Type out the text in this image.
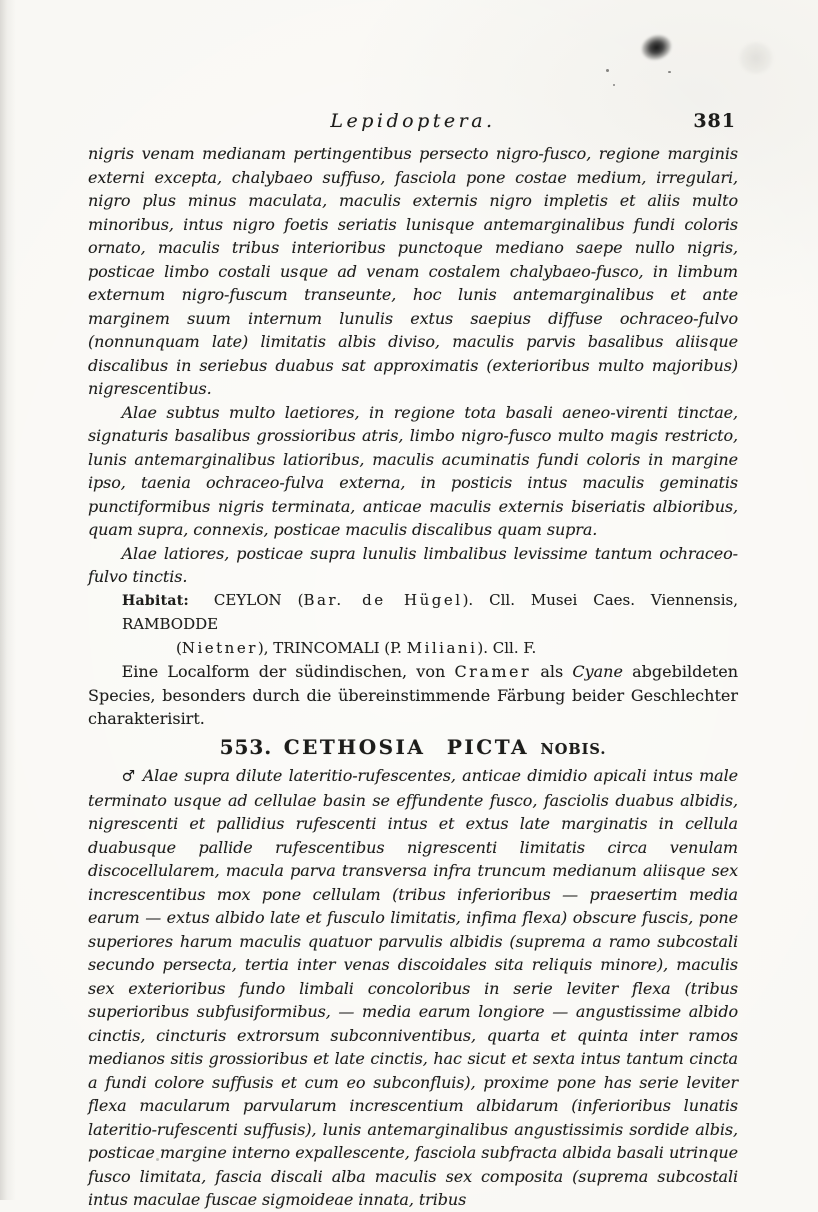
Lepidoptera.	381

nigris venam medianam pertingentibus persecto nigro-fusco, regione marginis externi excepta, chalybaeo suffuso, fasciola pone costae medium, irregulari, nigro plus minus maculata, maculis externis nigro impletis et aliis multo minoribus, intus nigro foetis seriatis lunisque antemarginalibus fundi coloris ornato, maculis tribus interioribus punctoque mediano saepe nullo nigris, posticae limbo costali usque ad venam costalem chalybaeo-fusco, in limbum externum nigro-fuscum transeunte, hoc lunis antemarginalibus et ante marginem suum internum lunulis extus saepius diffuse ochraceo-fulvo (nonnunquam late) limitatis albis diviso, maculis parvis basalibus aliisque discalibus in seriebus duabus sat approximatis (exterioribus multo majoribus) nigrescentibus.

Alae subtus multo laetiores, in regione tota basali aeneo-virenti tinctae, signaturis basalibus grossioribus atris, limbo nigro-fusco multo magis restricto, lunis antemarginalibus latioribus, maculis acuminatis fundi coloris in margine ipso, taenia ochraceo-fulva externa, in posticis intus maculis geminatis punctiformibus nigris terminata, anticae maculis externis biseriatis albioribus, quam supra, connexis, posticae maculis discalibus quam supra.

Alae latiores, posticae supra lunulis limbalibus levissime tantum ochraceo-fulvo tinctis.

Habitat: CEYLON (Bar. de Hügel). Cll. Musei Caes. Viennensis, RAMBODDE
(Nietner), TRINCOMALI (P. Miliani). Cll. F.

Eine Localform der südindischen, von Cramer als Cyane abgebildeten Species, besonders durch die übereinstimmende Färbung beider Geschlechter charakterisirt.

553. CETHOSIA PICTA NOBIS.

♂ Alae supra dilute lateritio-rufescentes, anticae dimidio apicali intus male terminato usque ad cellulae basin se effundente fusco, fasciolis duabus albidis, nigrescenti et pallidius rufescenti intus et extus late marginatis in cellula duabusque pallide rufescentibus nigrescenti limitatis circa venulam discocellularem, macula parva transversa infra truncum medianum aliisque sex increscentibus mox pone cellulam (tribus inferioribus — praesertim media earum — extus albido late et fusculo limitatis, infima flexa) obscure fuscis, pone superiores harum maculis quatuor parvulis albidis (suprema a ramo subcostali secundo persecta, tertia inter venas discoidales sita reliquis minore), maculis sex exterioribus fundo limbali concoloribus in serie leviter flexa (tribus superioribus subfusiformibus, — media earum longiore — angustissime albido cinctis, cincturis extrorsum subconniventibus, quarta et quinta inter ramos medianos sitis grossioribus et late cinctis, hac sicut et sexta intus tantum cincta a fundi colore suffusis et cum eo subconfluis), proxime pone has serie leviter flexa macularum parvularum increscentium albidarum (inferioribus lunatis lateritio-rufescenti suffusis), lunis antemarginalibus angustissimis sordide albis, posticae margine interno expallescente, fasciola subfracta albida basali utrinque fusco limitata, fascia discali alba maculis sex composita (suprema subcostali intus maculae fuscae sigmoideae innata, tribus
